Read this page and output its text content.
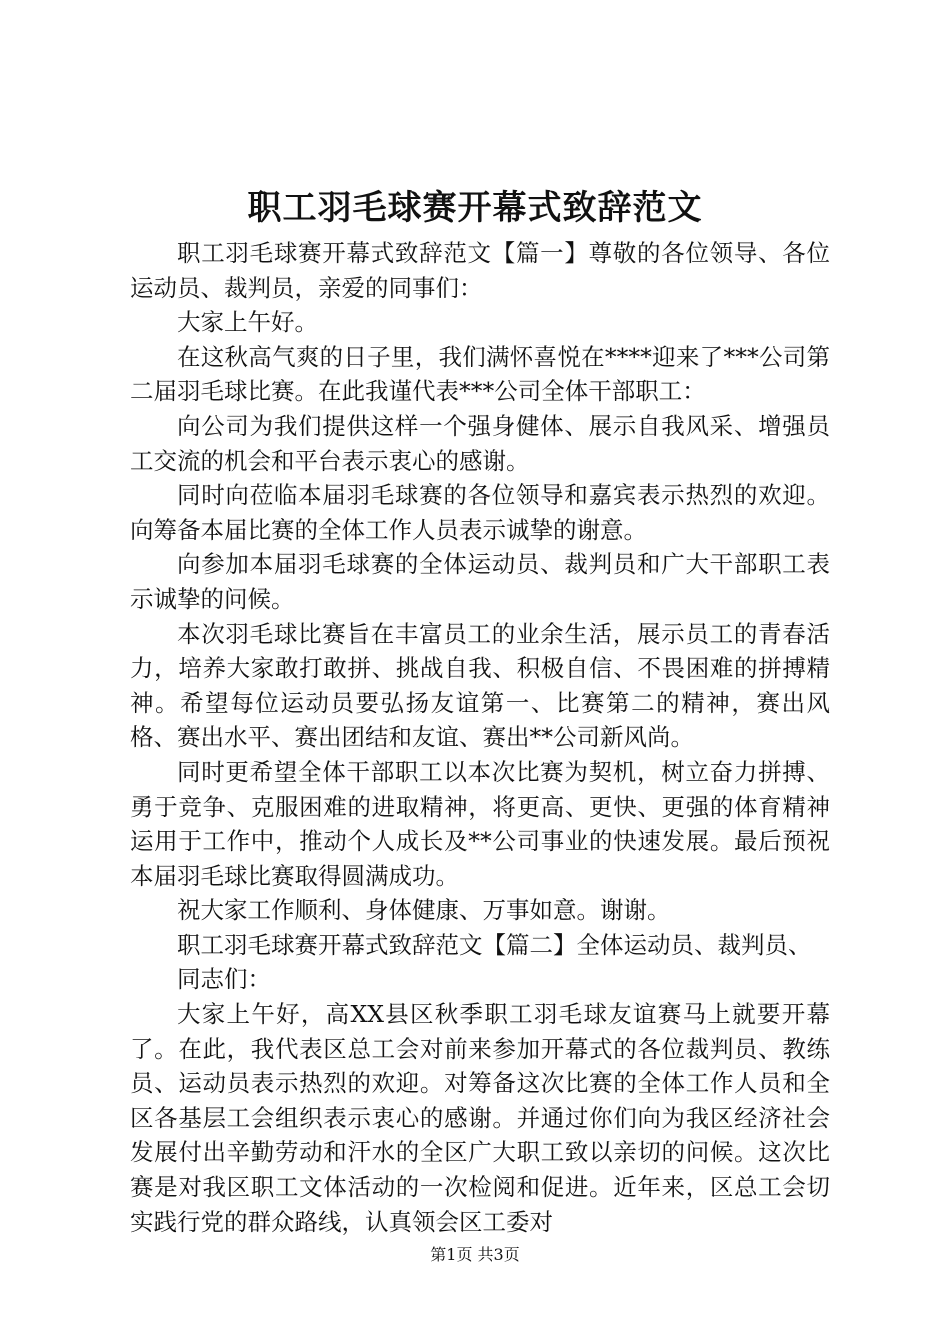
职工羽毛球赛开幕式致辞范文

职工羽毛球赛开幕式致辞范文【篇一】尊敬的各位领导、各位运动员、裁判员，亲爱的同事们：

大家上午好。

在这秋高气爽的日子里，我们满怀喜悦在****迎来了***公司第二届羽毛球比赛。在此我谨代表***公司全体干部职工：

向公司为我们提供这样一个强身健体、展示自我风采、增强员工交流的机会和平台表示衷心的感谢。

同时向莅临本届羽毛球赛的各位领导和嘉宾表示热烈的欢迎。向筹备本届比赛的全体工作人员表示诚挚的谢意。

向参加本届羽毛球赛的全体运动员、裁判员和广大干部职工表示诚挚的问候。

本次羽毛球比赛旨在丰富员工的业余生活，展示员工的青春活力，培养大家敢打敢拼、挑战自我、积极自信、不畏困难的拼搏精神。希望每位运动员要弘扬友谊第一、比赛第二的精神，赛出风格、赛出水平、赛出团结和友谊、赛出**公司新风尚。

同时更希望全体干部职工以本次比赛为契机，树立奋力拼搏、勇于竞争、克服困难的进取精神，将更高、更快、更强的体育精神运用于工作中，推动个人成长及**公司事业的快速发展。最后预祝本届羽毛球比赛取得圆满成功。

祝大家工作顺利、身体健康、万事如意。谢谢。

职工羽毛球赛开幕式致辞范文【篇二】全体运动员、裁判员、

同志们：

大家上午好，高XX县区秋季职工羽毛球友谊赛马上就要开幕了。在此，我代表区总工会对前来参加开幕式的各位裁判员、教练员、运动员表示热烈的欢迎。对筹备这次比赛的全体工作人员和全区各基层工会组织表示衷心的感谢。并通过你们向为我区经济社会发展付出辛勤劳动和汗水的全区广大职工致以亲切的问候。这次比赛是对我区职工文体活动的一次检阅和促进。近年来，区总工会切实践行党的群众路线，认真领会区工委对

第1页 共3页
